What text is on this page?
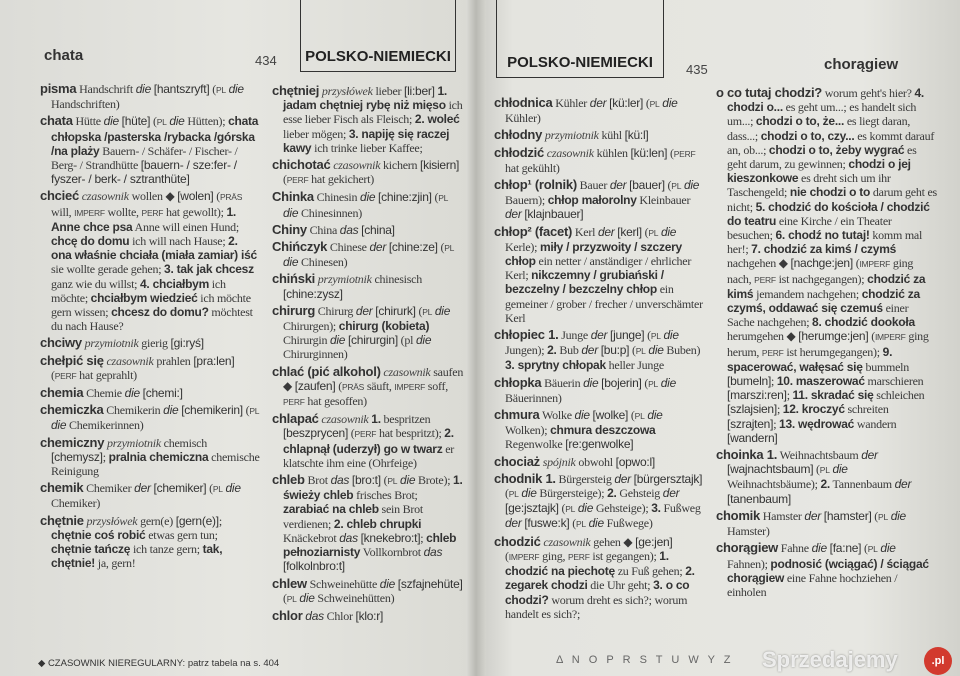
chata	434 POLSKO-NIEMIECKI
pisma Handschrift die [hantszryft] (PL die Handschriften)
chata Hütte die [hüte] (PL die Hütten); chata chłopska /pasterska /rybacka /górska /na plaży Bauern- / Schäfer- / Fischer- / Berg- / Strandhütte [bauern- / sze:fer- / fyszer- / berk- / sztranthüte]
chcieć czasownik wollen ◆ [wolen] (PRÄS will, IMPERF wollte, PERF hat gewollt); 1. Anne chce psa Anne will einen Hund; chcę do domu ich will nach Hause; 2. ona właśnie chciała (miała zamiar) iść sie wollte gerade gehen; 3. tak jak chcesz ganz wie du willst; 4. chciałbym ich möchte; chciałbym wiedzieć ich möchte gern wissen; chcesz do domu? möchtest du nach Hause?
chciwy przymiotnik gierig [gi:ryś]
chełpić się czasownik prahlen [pra:len] (PERF hat geprahlt)
chemia Chemie die [chemi:]
chemiczka Chemikerin die [chemikerin] (PL die Chemikerinnen)
chemiczny przymiotnik chemisch [chemysz]; pralnia chemiczna chemische Reinigung
chemik Chemiker der [chemiker] (PL die Chemiker)
chętnie przysłówek gern(e) [gern(e)]; chętnie coś robić etwas gern tun; chętnie tańczę ich tanze gern; tak, chętnie! ja, gern!
chętniej przysłówek lieber [li:ber] 1. jadam chętniej rybę niż mięso ich esse lieber Fisch als Fleisch; 2. woleć lieber mögen; 3. napiję się raczej kawy ich trinke lieber Kaffee;
chichotać czasownik kichern [kisiern] (PERF hat gekichert)
Chinka Chinesin die [chine:zjin] (PL die Chinesinnen)
Chiny China das [china]
Chińczyk Chinese der [chine:ze] (PL die Chinesen)
chiński przymiotnik chinesisch [chine:zysz]
chirurg Chirurg der [chirurk] (PL die Chirurgen); chirurg (kobieta) Chirurgin die [chirurgin] (pl die Chirurginnen)
chlać (pić alkohol) czasownik saufen ◆ [zaufen] (PRÄS säuft, IMPERF soff, PERF hat gesoffen)
chlapać czasownik 1. bespritzen [beszprycen] (PERF hat bespritzt); 2. chlapnął (uderzył) go w twarz er klatschte ihm eine (Ohrfeige)
chleb Brot das [bro:t] (PL die Brote); 1. świeży chleb frisches Brot; zarabiać na chleb sein Brot verdienen; 2. chleb chrupki Knäckebrot das [knekebro:t]; chleb pełnoziarnisty Vollkornbrot das [folkolnbro:t]
chlew Schweinehütte die [szfajnehüte] (PL die Schweinehütten)
chlor das Chlor [klo:r]
◆ CZASOWNIK NIEREGULARNY: patrz tabela na s. 404
POLSKO-NIEMIECKI	435	chorągiew
chłodnica Kühler der [kü:ler] (PL die Kühler)
chłodny przymiotnik kühl [kü:l]
chłodzić czasownik kühlen [kü:len] (PERF hat gekühlt)
chłop¹ (rolnik) Bauer der [bauer] (PL die Bauern); chłop małorolny Kleinbauer der [klajnbauer]
chłop² (facet) Kerl der [kerl] (PL die Kerle); miły / przyzwoity / szczery chłop ein netter / anständiger / ehrlicher Kerl; nikczemny / grubiański / bezczelny / bezczelny chłop ein gemeiner / grober / frecher / unverschämter Kerl
chłopiec 1. Junge der [junge] (PL die Jungen); 2. Bub der [bu:p] (PL die Buben) 3. sprytny chłopak heller Junge
chłopka Bäuerin die [bojerin] (PL die Bäuerinnen)
chmura Wolke die [wolke] (PL die Wolken); chmura deszczowa Regenwolke [re:genwolke]
chociaż spójnik obwohl [opwo:l]
chodnik 1. Bürgersteig der [bürgersztajk] (PL die Bürgersteige); 2. Gehsteig der [ge:jsztajk] (PL die Gehsteige); 3. Fußweg der [fuswe:k] (PL die Fußwege)
chodzić czasownik gehen ◆ [ge:jen] (IMPERF ging, PERF ist gegangen); 1. chodzić na piechotę zu Fuß gehen; 2. zegarek chodzi die Uhr geht; 3. o co chodzi? worum dreht es sich?; worum handelt es sich?;
o co tutaj chodzi? worum geht's hier? 4. chodzi o... es geht um...; es handelt sich um...; chodzi o to, że... es liegt daran, dass...; chodzi o to, czy... es kommt darauf an, ob...; chodzi o to, żeby wygrać es geht darum, zu gewinnen; chodzi o jej kieszonkowe es dreht sich um ihr Taschengeld; nie chodzi o to darum geht es nicht; 5. chodzić do kościoła / chodzić do teatru eine Kirche / ein Theater besuchen; 6. chodź no tutaj! komm mal her!; 7. chodzić za kimś / czymś nachgehen ◆ [nachge:jen] (IMPERF ging nach, PERF ist nachgegangen); chodzić za kimś jemandem nachgehen; chodzić za czymś, oddawać się czemuś einer Sache nachgehen; 8. chodzić dookoła herumgehen ◆ [herumge:jen] (IMPERF ging herum, PERF ist herumgegangen); 9. spacerować, wałęsać się bummeln [bumeln]; 10. maszerować marschieren [marszi:ren]; 11. skradać się schleichen [szlajsien]; 12. kroczyć schreiten [szrajten]; 13. wędrować wandern [wandern]
choinka 1. Weihnachtsbaum der [wajnachtsbaum] (PL die Weihnachtsbäume); 2. Tannenbaum der [tanenbaum]
chomik Hamster der [hamster] (PL die Hamster)
chorągiew Fahne die [fa:ne] (PL die Fahnen); podnosić (wciągać) / ściągać chorągiew eine Fahne hochziehen / einholen
Δ N O P R S T U W Y Z Sprzedajemy	.pl
